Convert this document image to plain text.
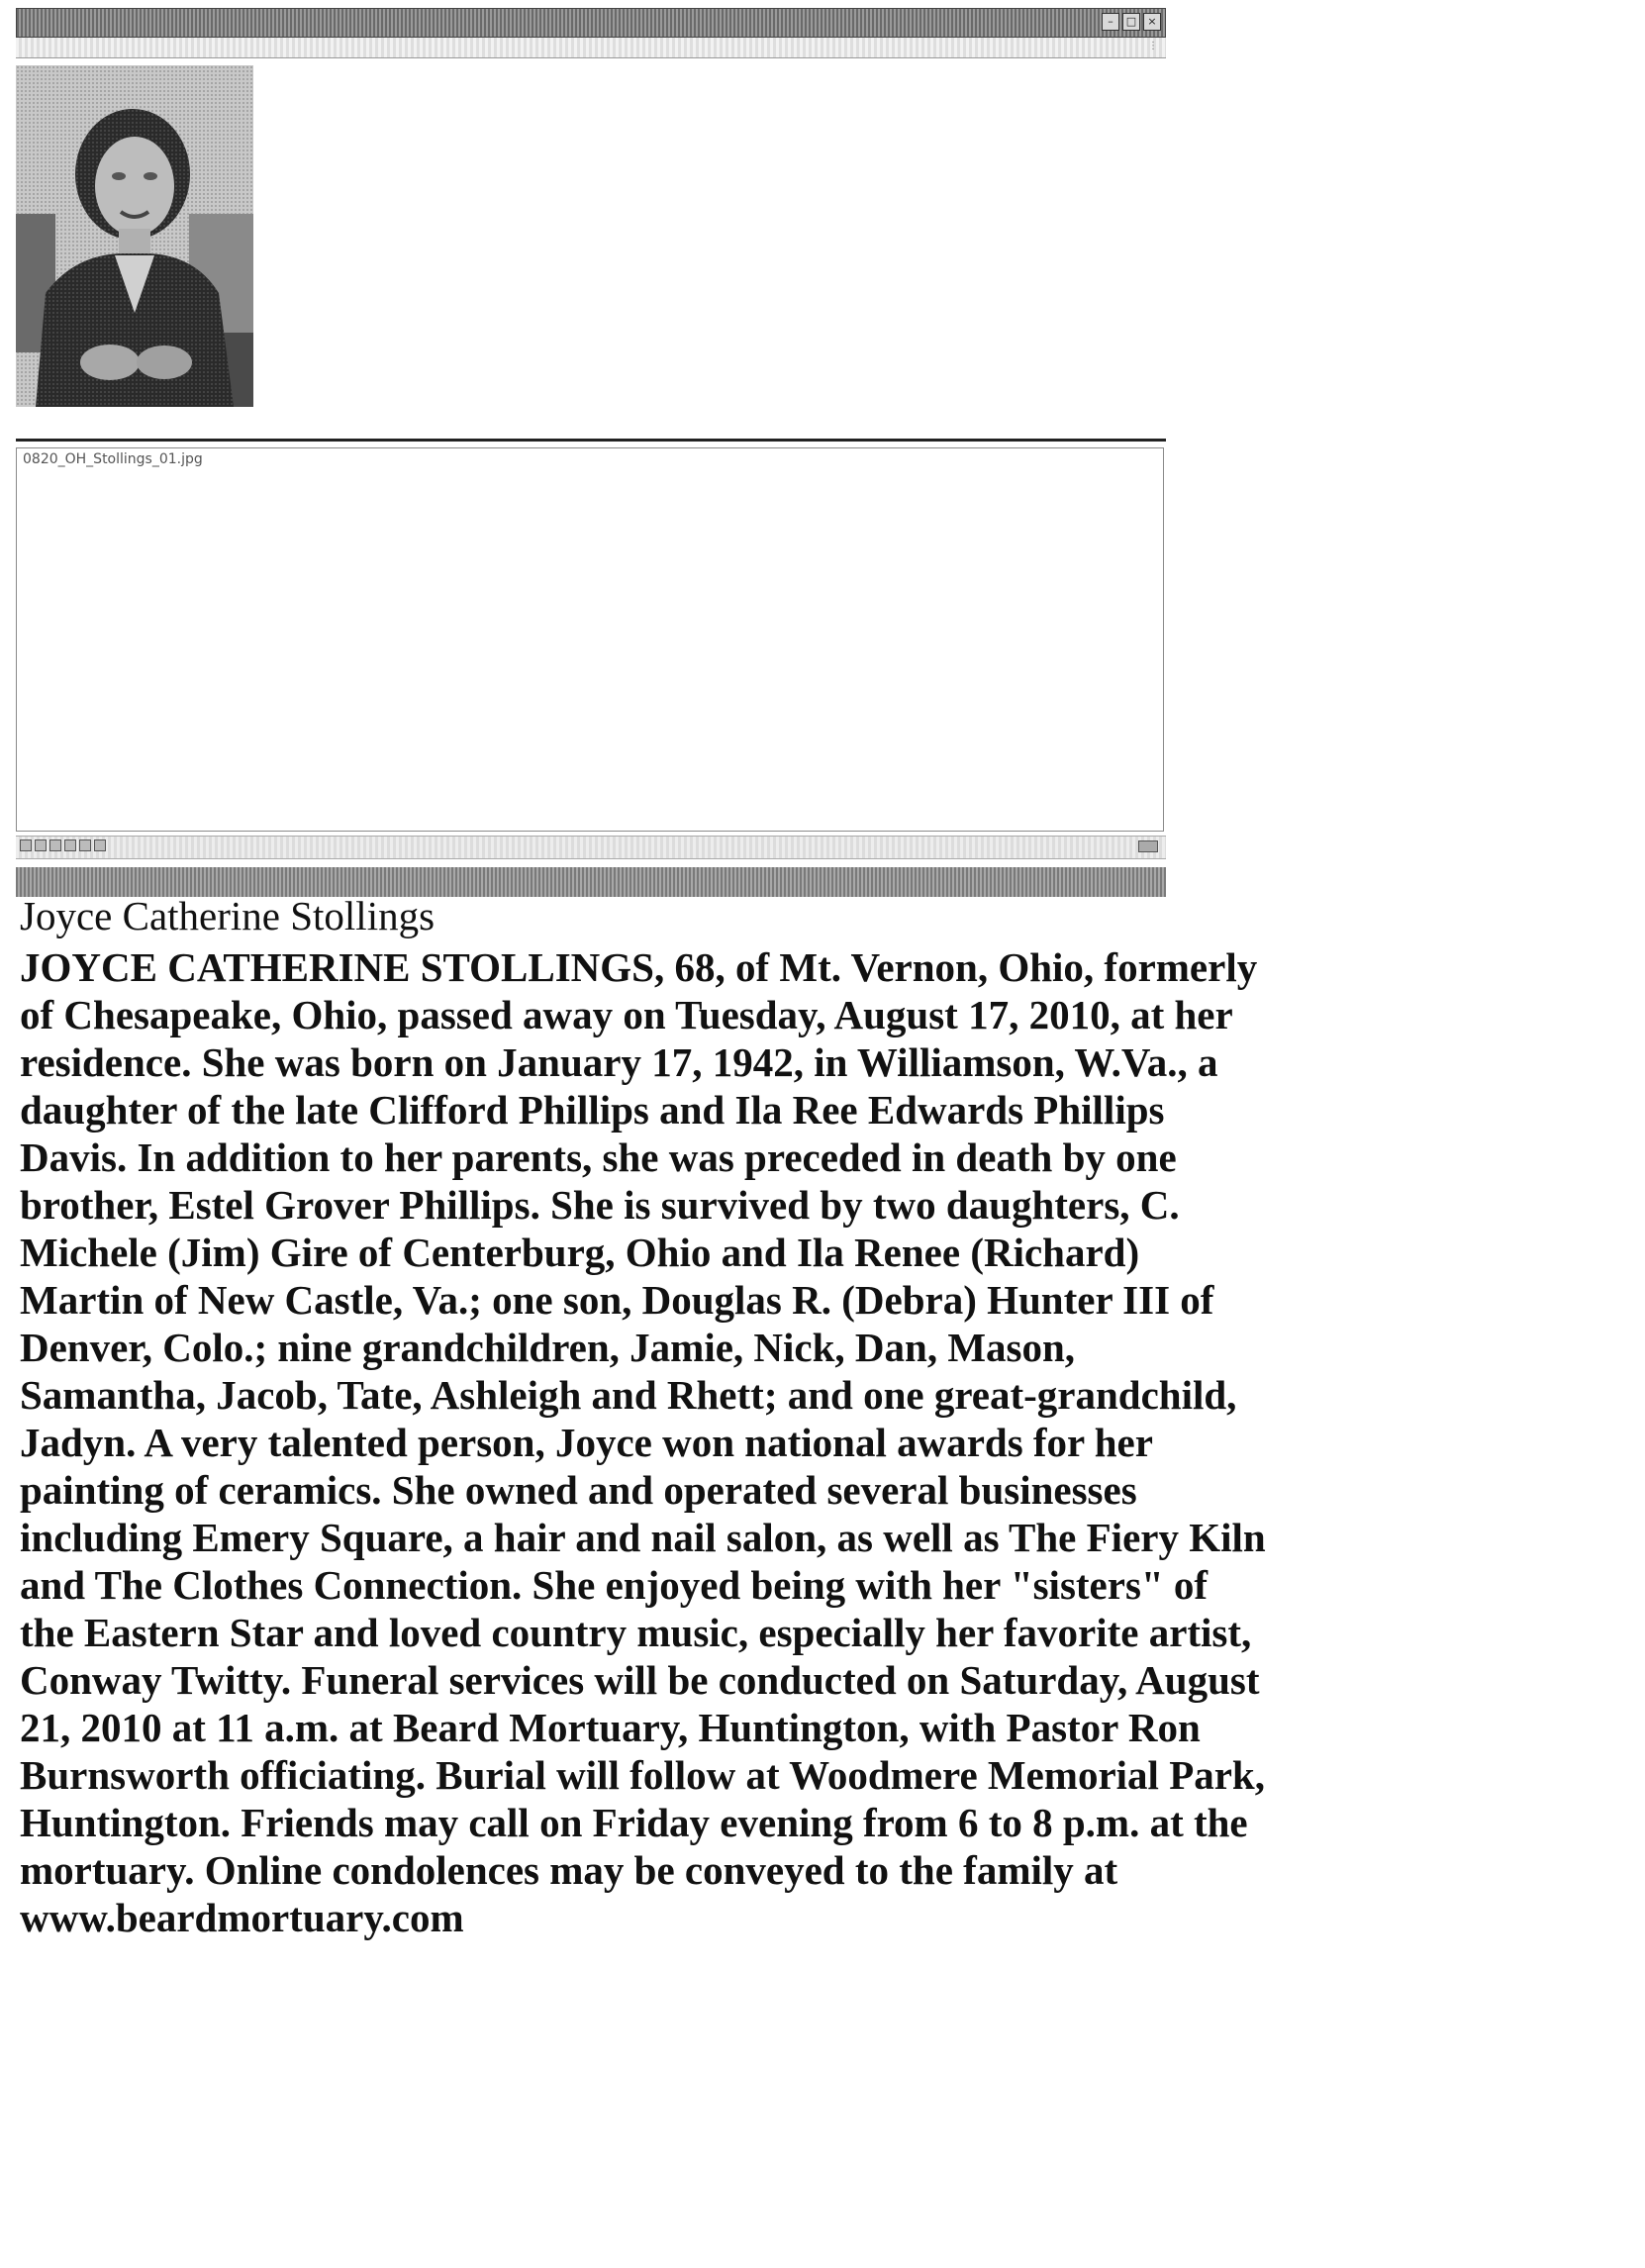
–	□	×
⋮
0820_OH_Stollings_01.jpg
Joyce Catherine Stollings
JOYCE CATHERINE STOLLINGS, 68, of Mt. Vernon, Ohio, formerly
of Chesapeake, Ohio, passed away on Tuesday, August 17, 2010, at her
residence. She was born on January 17, 1942, in Williamson, W.Va., a
daughter of the late Clifford Phillips and Ila Ree Edwards Phillips
Davis. In addition to her parents, she was preceded in death by one
brother, Estel Grover Phillips. She is survived by two daughters, C.
Michele (Jim) Gire of Centerburg, Ohio and Ila Renee (Richard)
Martin of New Castle, Va.; one son, Douglas R. (Debra) Hunter III of
Denver, Colo.; nine grandchildren, Jamie, Nick, Dan, Mason,
Samantha, Jacob, Tate, Ashleigh and Rhett; and one great-grandchild,
Jadyn. A very talented person, Joyce won national awards for her
painting of ceramics. She owned and operated several businesses
including Emery Square, a hair and nail salon, as well as The Fiery Kiln
and The Clothes Connection. She enjoyed being with her "sisters" of
the Eastern Star and loved country music, especially her favorite artist,
Conway Twitty. Funeral services will be conducted on Saturday, August
21, 2010 at 11 a.m. at Beard Mortuary, Huntington, with Pastor Ron
Burnsworth officiating. Burial will follow at Woodmere Memorial Park,
Huntington. Friends may call on Friday evening from 6 to 8 p.m. at the
mortuary. Online condolences may be conveyed to the family at
www.beardmortuary.com
